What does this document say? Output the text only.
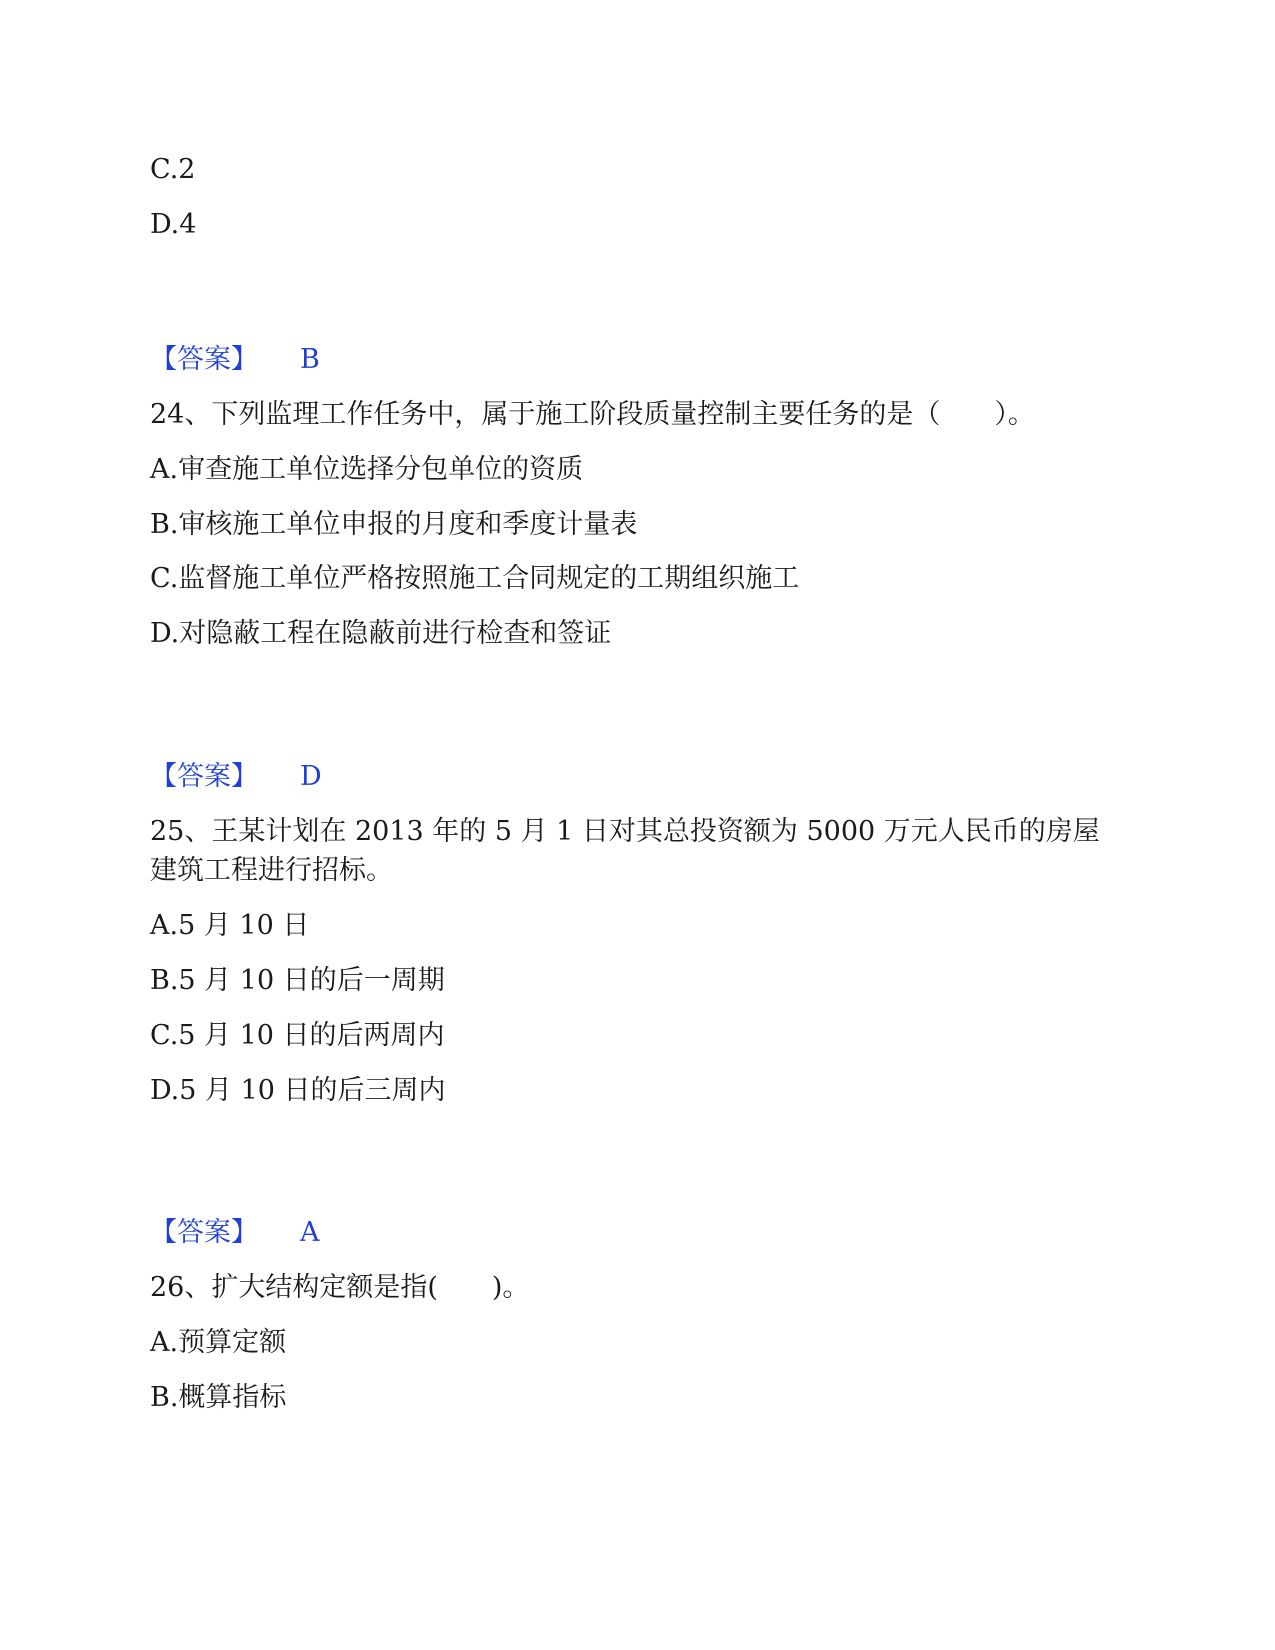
C.2
D.4
【答案】 B
24、下列监理工作任务中，属于施工阶段质量控制主要任务的是（　　）。
A.审查施工单位选择分包单位的资质
B.审核施工单位申报的月度和季度计量表
C.监督施工单位严格按照施工合同规定的工期组织施工
D.对隐蔽工程在隐蔽前进行检查和签证
【答案】 D
25、王某计划在 2013 年的 5 月 1 日对其总投资额为 5000 万元人民币的房屋
建筑工程进行招标。
A.5 月 10 日
B.5 月 10 日的后一周期
C.5 月 10 日的后两周内
D.5 月 10 日的后三周内
【答案】 A
26、扩大结构定额是指(　　)。
A.预算定额
B.概算指标
